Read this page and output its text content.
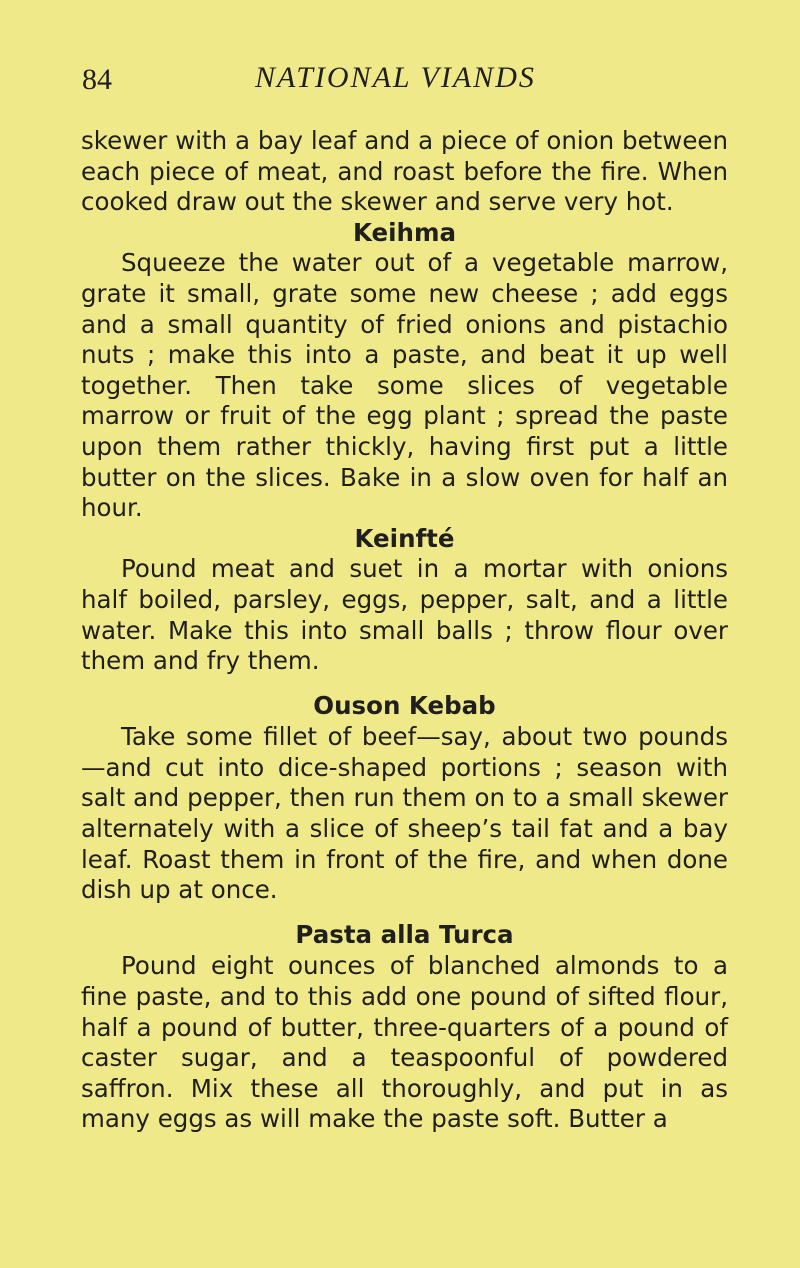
84	NATIONAL VIANDS

skewer with a bay leaf and a piece of onion between each piece of meat, and roast before the fire. When cooked draw out the skewer and serve very hot.

Keihma

Squeeze the water out of a vegetable marrow, grate it small, grate some new cheese ; add eggs and a small quantity of fried onions and pistachio nuts ; make this into a paste, and beat it up well together. Then take some slices of vegetable marrow or fruit of the egg plant ; spread the paste upon them rather thickly, having first put a little butter on the slices. Bake in a slow oven for half an hour.

Keinfté

Pound meat and suet in a mortar with onions half boiled, parsley, eggs, pepper, salt, and a little water. Make this into small balls ; throw flour over them and fry them.

Ouson Kebab

Take some fillet of beef—say, about two pounds —and cut into dice-shaped portions ; season with salt and pepper, then run them on to a small skewer alternately with a slice of sheep’s tail fat and a bay leaf. Roast them in front of the fire, and when done dish up at once.

Pasta alla Turca

Pound eight ounces of blanched almonds to a fine paste, and to this add one pound of sifted flour, half a pound of butter, three-quarters of a pound of caster sugar, and a teaspoonful of powdered saffron. Mix these all thoroughly, and put in as many eggs as will make the paste soft. Butter a
